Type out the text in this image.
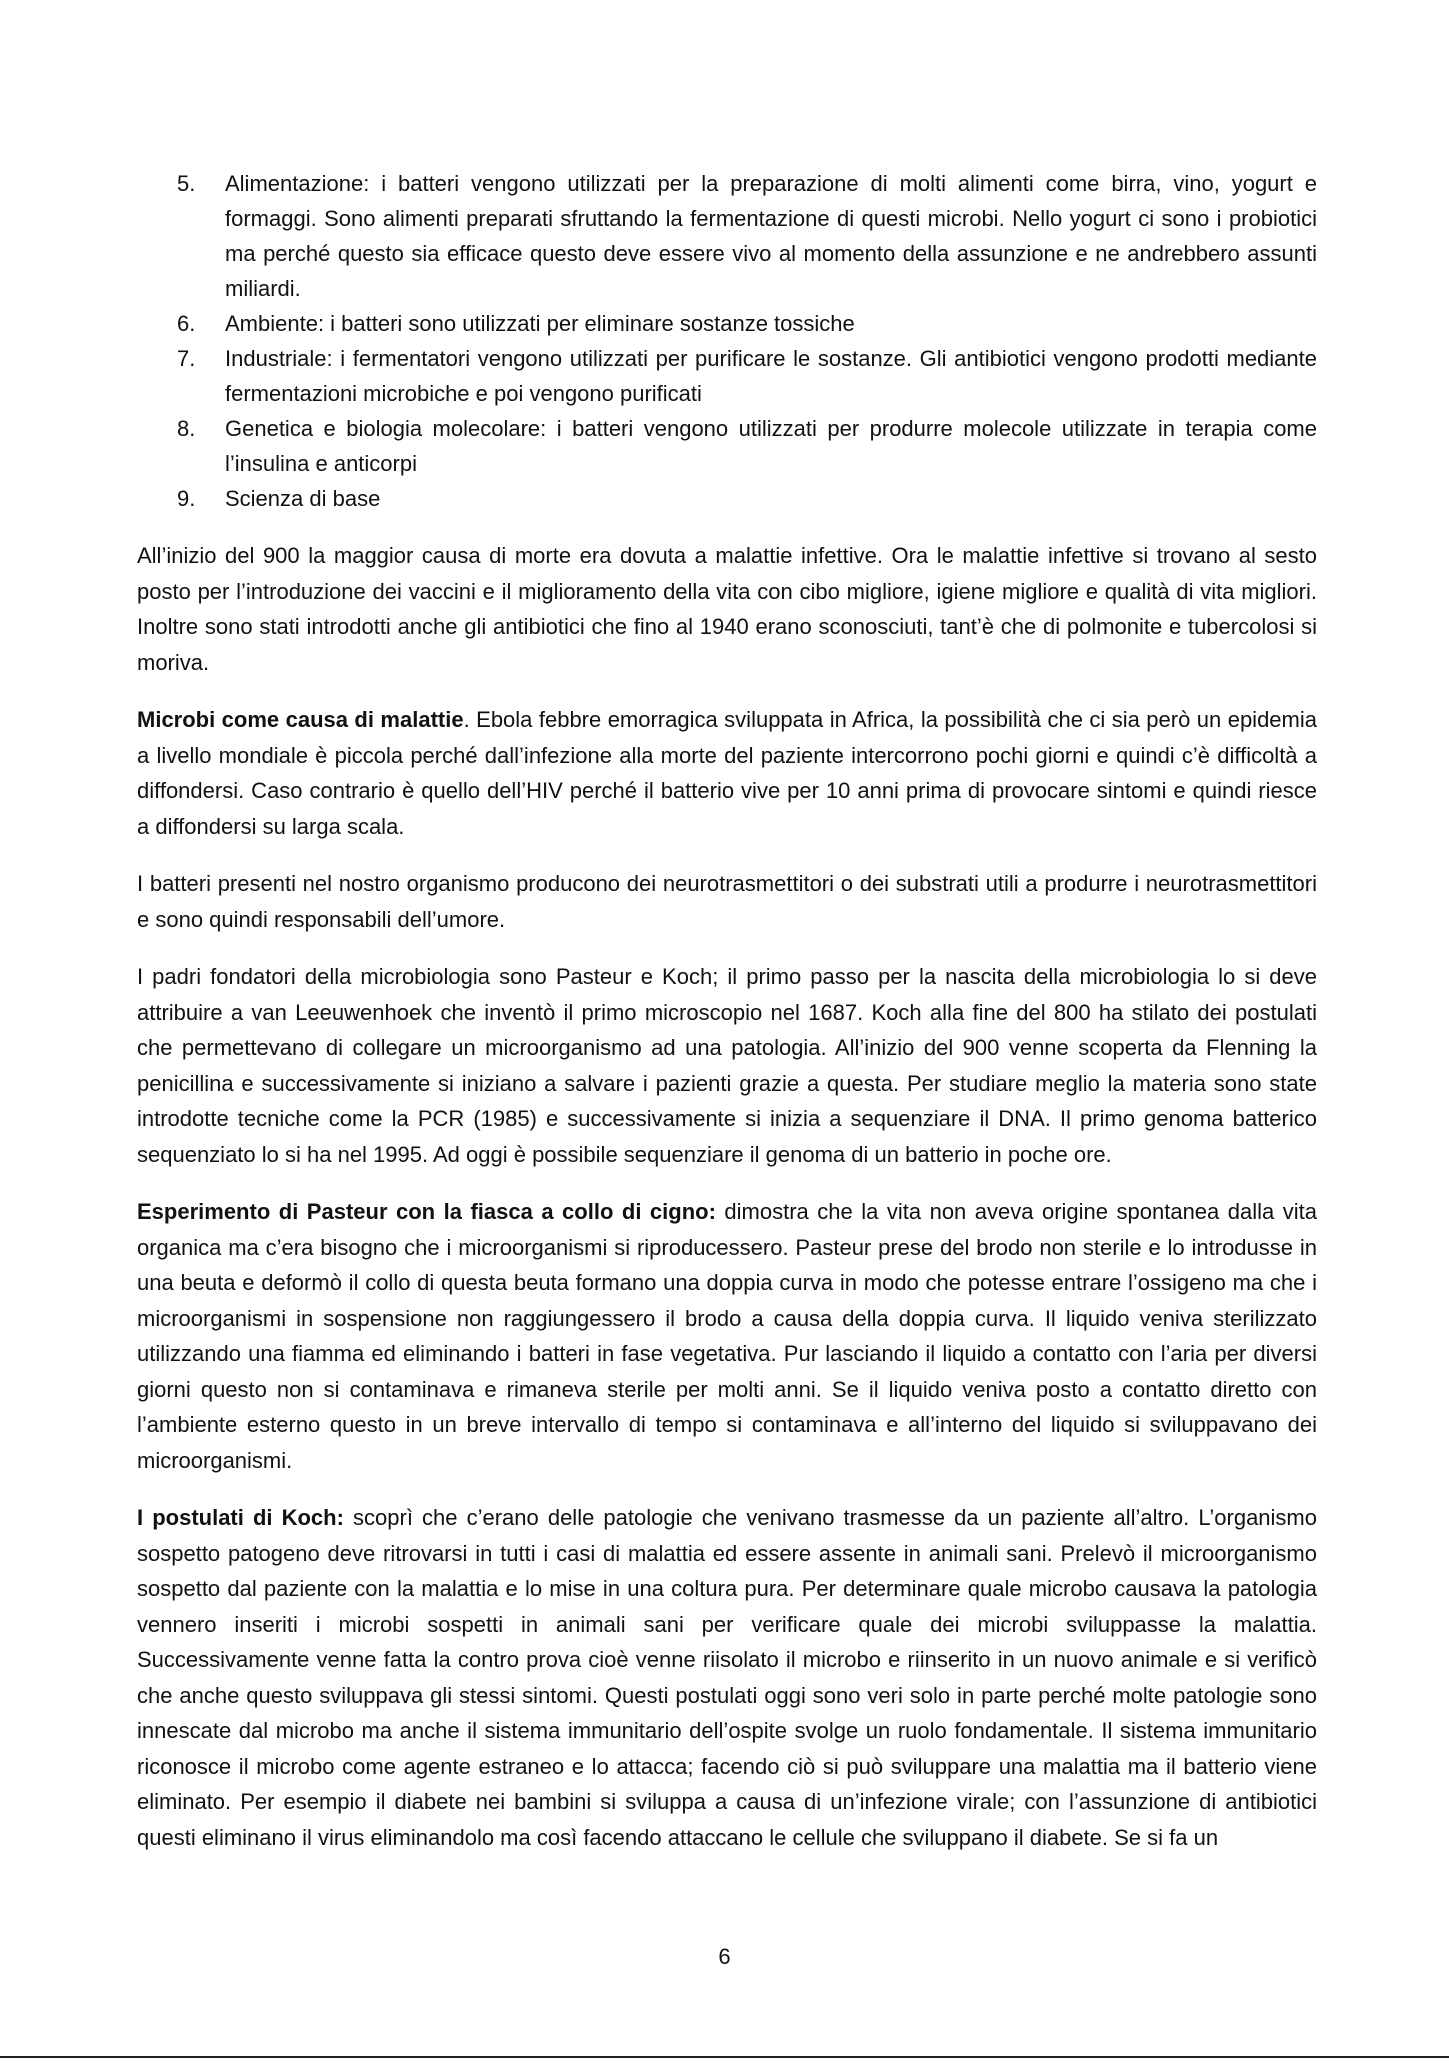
5. Alimentazione: i batteri vengono utilizzati per la preparazione di molti alimenti come birra, vino, yogurt e formaggi. Sono alimenti preparati sfruttando la fermentazione di questi microbi. Nello yogurt ci sono i probiotici ma perché questo sia efficace questo deve essere vivo al momento della assunzione e ne andrebbero assunti miliardi.
6. Ambiente: i batteri sono utilizzati per eliminare sostanze tossiche
7. Industriale: i fermentatori vengono utilizzati per purificare le sostanze. Gli antibiotici vengono prodotti mediante fermentazioni microbiche e poi vengono purificati
8. Genetica e biologia molecolare: i batteri vengono utilizzati per produrre molecole utilizzate in terapia come l’insulina e anticorpi
9. Scienza di base

All’inizio del 900 la maggior causa di morte era dovuta a malattie infettive. Ora le malattie infettive si trovano al sesto posto per l’introduzione dei vaccini e il miglioramento della vita con cibo migliore, igiene migliore e qualità di vita migliori. Inoltre sono stati introdotti anche gli antibiotici che fino al 1940 erano sconosciuti, tant’è che di polmonite e tubercolosi si moriva.

Microbi come causa di malattie. Ebola febbre emorragica sviluppata in Africa, la possibilità che ci sia però un epidemia a livello mondiale è piccola perché dall’infezione alla morte del paziente intercorrono pochi giorni e quindi c’è difficoltà a diffondersi. Caso contrario è quello dell’HIV perché il batterio vive per 10 anni prima di provocare sintomi e quindi riesce a diffondersi su larga scala.

I batteri presenti nel nostro organismo producono dei neurotrasmettitori o dei substrati utili a produrre i neurotrasmettitori e sono quindi responsabili dell’umore.

I padri fondatori della microbiologia sono Pasteur e Koch; il primo passo per la nascita della microbiologia lo si deve attribuire a van Leeuwenhoek che inventò il primo microscopio nel 1687. Koch alla fine del 800 ha stilato dei postulati che permettevano di collegare un microorganismo ad una patologia. All’inizio del 900 venne scoperta da Flenning la penicillina e successivamente si iniziano a salvare i pazienti grazie a questa. Per studiare meglio la materia sono state introdotte tecniche come la PCR (1985) e successivamente si inizia a sequenziare il DNA. Il primo genoma batterico sequenziato lo si ha nel 1995. Ad oggi è possibile sequenziare il genoma di un batterio in poche ore.

Esperimento di Pasteur con la fiasca a collo di cigno: dimostra che la vita non aveva origine spontanea dalla vita organica ma c’era bisogno che i microorganismi si riproducessero. Pasteur prese del brodo non sterile e lo introdusse in una beuta e deformò il collo di questa beuta formano una doppia curva in modo che potesse entrare l’ossigeno ma che i microorganismi in sospensione non raggiungessero il brodo a causa della doppia curva. Il liquido veniva sterilizzato utilizzando una fiamma ed eliminando i batteri in fase vegetativa. Pur lasciando il liquido a contatto con l’aria per diversi giorni questo non si contaminava e rimaneva sterile per molti anni. Se il liquido veniva posto a contatto diretto con l’ambiente esterno questo in un breve intervallo di tempo si contaminava e all’interno del liquido si sviluppavano dei microorganismi.

I postulati di Koch: scoprì che c’erano delle patologie che venivano trasmesse da un paziente all’altro. L’organismo sospetto patogeno deve ritrovarsi in tutti i casi di malattia ed essere assente in animali sani. Prelevò il microorganismo sospetto dal paziente con la malattia e lo mise in una coltura pura. Per determinare quale microbo causava la patologia vennero inseriti i microbi sospetti in animali sani per verificare quale dei microbi sviluppasse la malattia. Successivamente venne fatta la contro prova cioè venne riisolato il microbo e riinserito in un nuovo animale e si verificò che anche questo sviluppava gli stessi sintomi. Questi postulati oggi sono veri solo in parte perché molte patologie sono innescate dal microbo ma anche il sistema immunitario dell’ospite svolge un ruolo fondamentale. Il sistema immunitario riconosce il microbo come agente estraneo e lo attacca; facendo ciò si può sviluppare una malattia ma il batterio viene eliminato. Per esempio il diabete nei bambini si sviluppa a causa di un’infezione virale; con l’assunzione di antibiotici questi eliminano il virus eliminandolo ma così facendo attaccano le cellule che sviluppano il diabete. Se si fa un

6
